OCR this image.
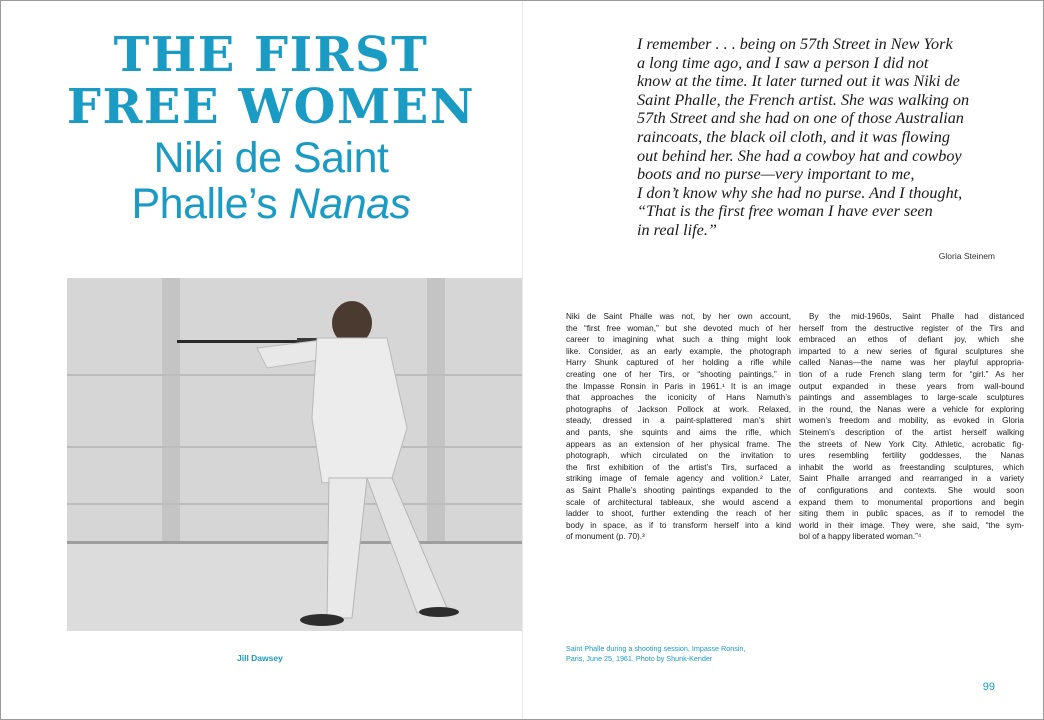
THE FIRST
FREE WOMEN
Niki de Saint
Phalle’s Nanas

I remember . . . being on 57th Street in New York
a long time ago, and I saw a person I did not
know at the time. It later turned out it was Niki de
Saint Phalle, the French artist. She was walking on
57th Street and she had on one of those Australian
raincoats, the black oil cloth, and it was flowing
out behind her. She had a cowboy hat and cowboy
boots and no purse—very important to me,
I don’t know why she had no purse. And I thought,
“That is the first free woman I have ever seen
in real life.”

Gloria Steinem
Jill Dawsey
Niki de Saint Phalle was not, by her own account,
the “first free woman,” but she devoted much of her
career to imagining what such a thing might look
like. Consider, as an early example, the photograph
Harry Shunk captured of her holding a rifle while
creating one of her Tirs, or “shooting paintings,” in
the Impasse Ronsin in Paris in 1961.¹ It is an image
that approaches the iconicity of Hans Namuth’s
photographs of Jackson Pollock at work. Relaxed,
steady, dressed in a paint-splattered man’s shirt
and pants, she squints and aims the rifle, which
appears as an extension of her physical frame. The
photograph, which circulated on the invitation to
the first exhibition of the artist’s Tirs, surfaced a
striking image of female agency and volition.² Later,
as Saint Phalle’s shooting paintings expanded to the
scale of architectural tableaux, she would ascend a
ladder to shoot, further extending the reach of her
body in space, as if to transform herself into a kind
of monument (p. 70).³
By the mid-1960s, Saint Phalle had distanced
herself from the destructive register of the Tirs and
embraced an ethos of defiant joy, which she
imparted to a new series of figural sculptures she
called Nanas—the name was her playful appropria-
tion of a rude French slang term for “girl.” As her
output expanded in these years from wall-bound
paintings and assemblages to large-scale sculptures
in the round, the Nanas were a vehicle for exploring
women’s freedom and mobility, as evoked in Gloria
Steinem’s description of the artist herself walking
the streets of New York City. Athletic, acrobatic fig-
ures resembling fertility goddesses, the Nanas
inhabit the world as freestanding sculptures, which
Saint Phalle arranged and rearranged in a variety
of configurations and contexts. She would soon
expand them to monumental proportions and begin
siting them in public spaces, as if to remodel the
world in their image. They were, she said, “the sym-
bol of a happy liberated woman.”⁴

Saint Phalle during a shooting session, Impasse Ronsin,
Paris, June 25, 1961. Photo by Shunk-Kender

99
